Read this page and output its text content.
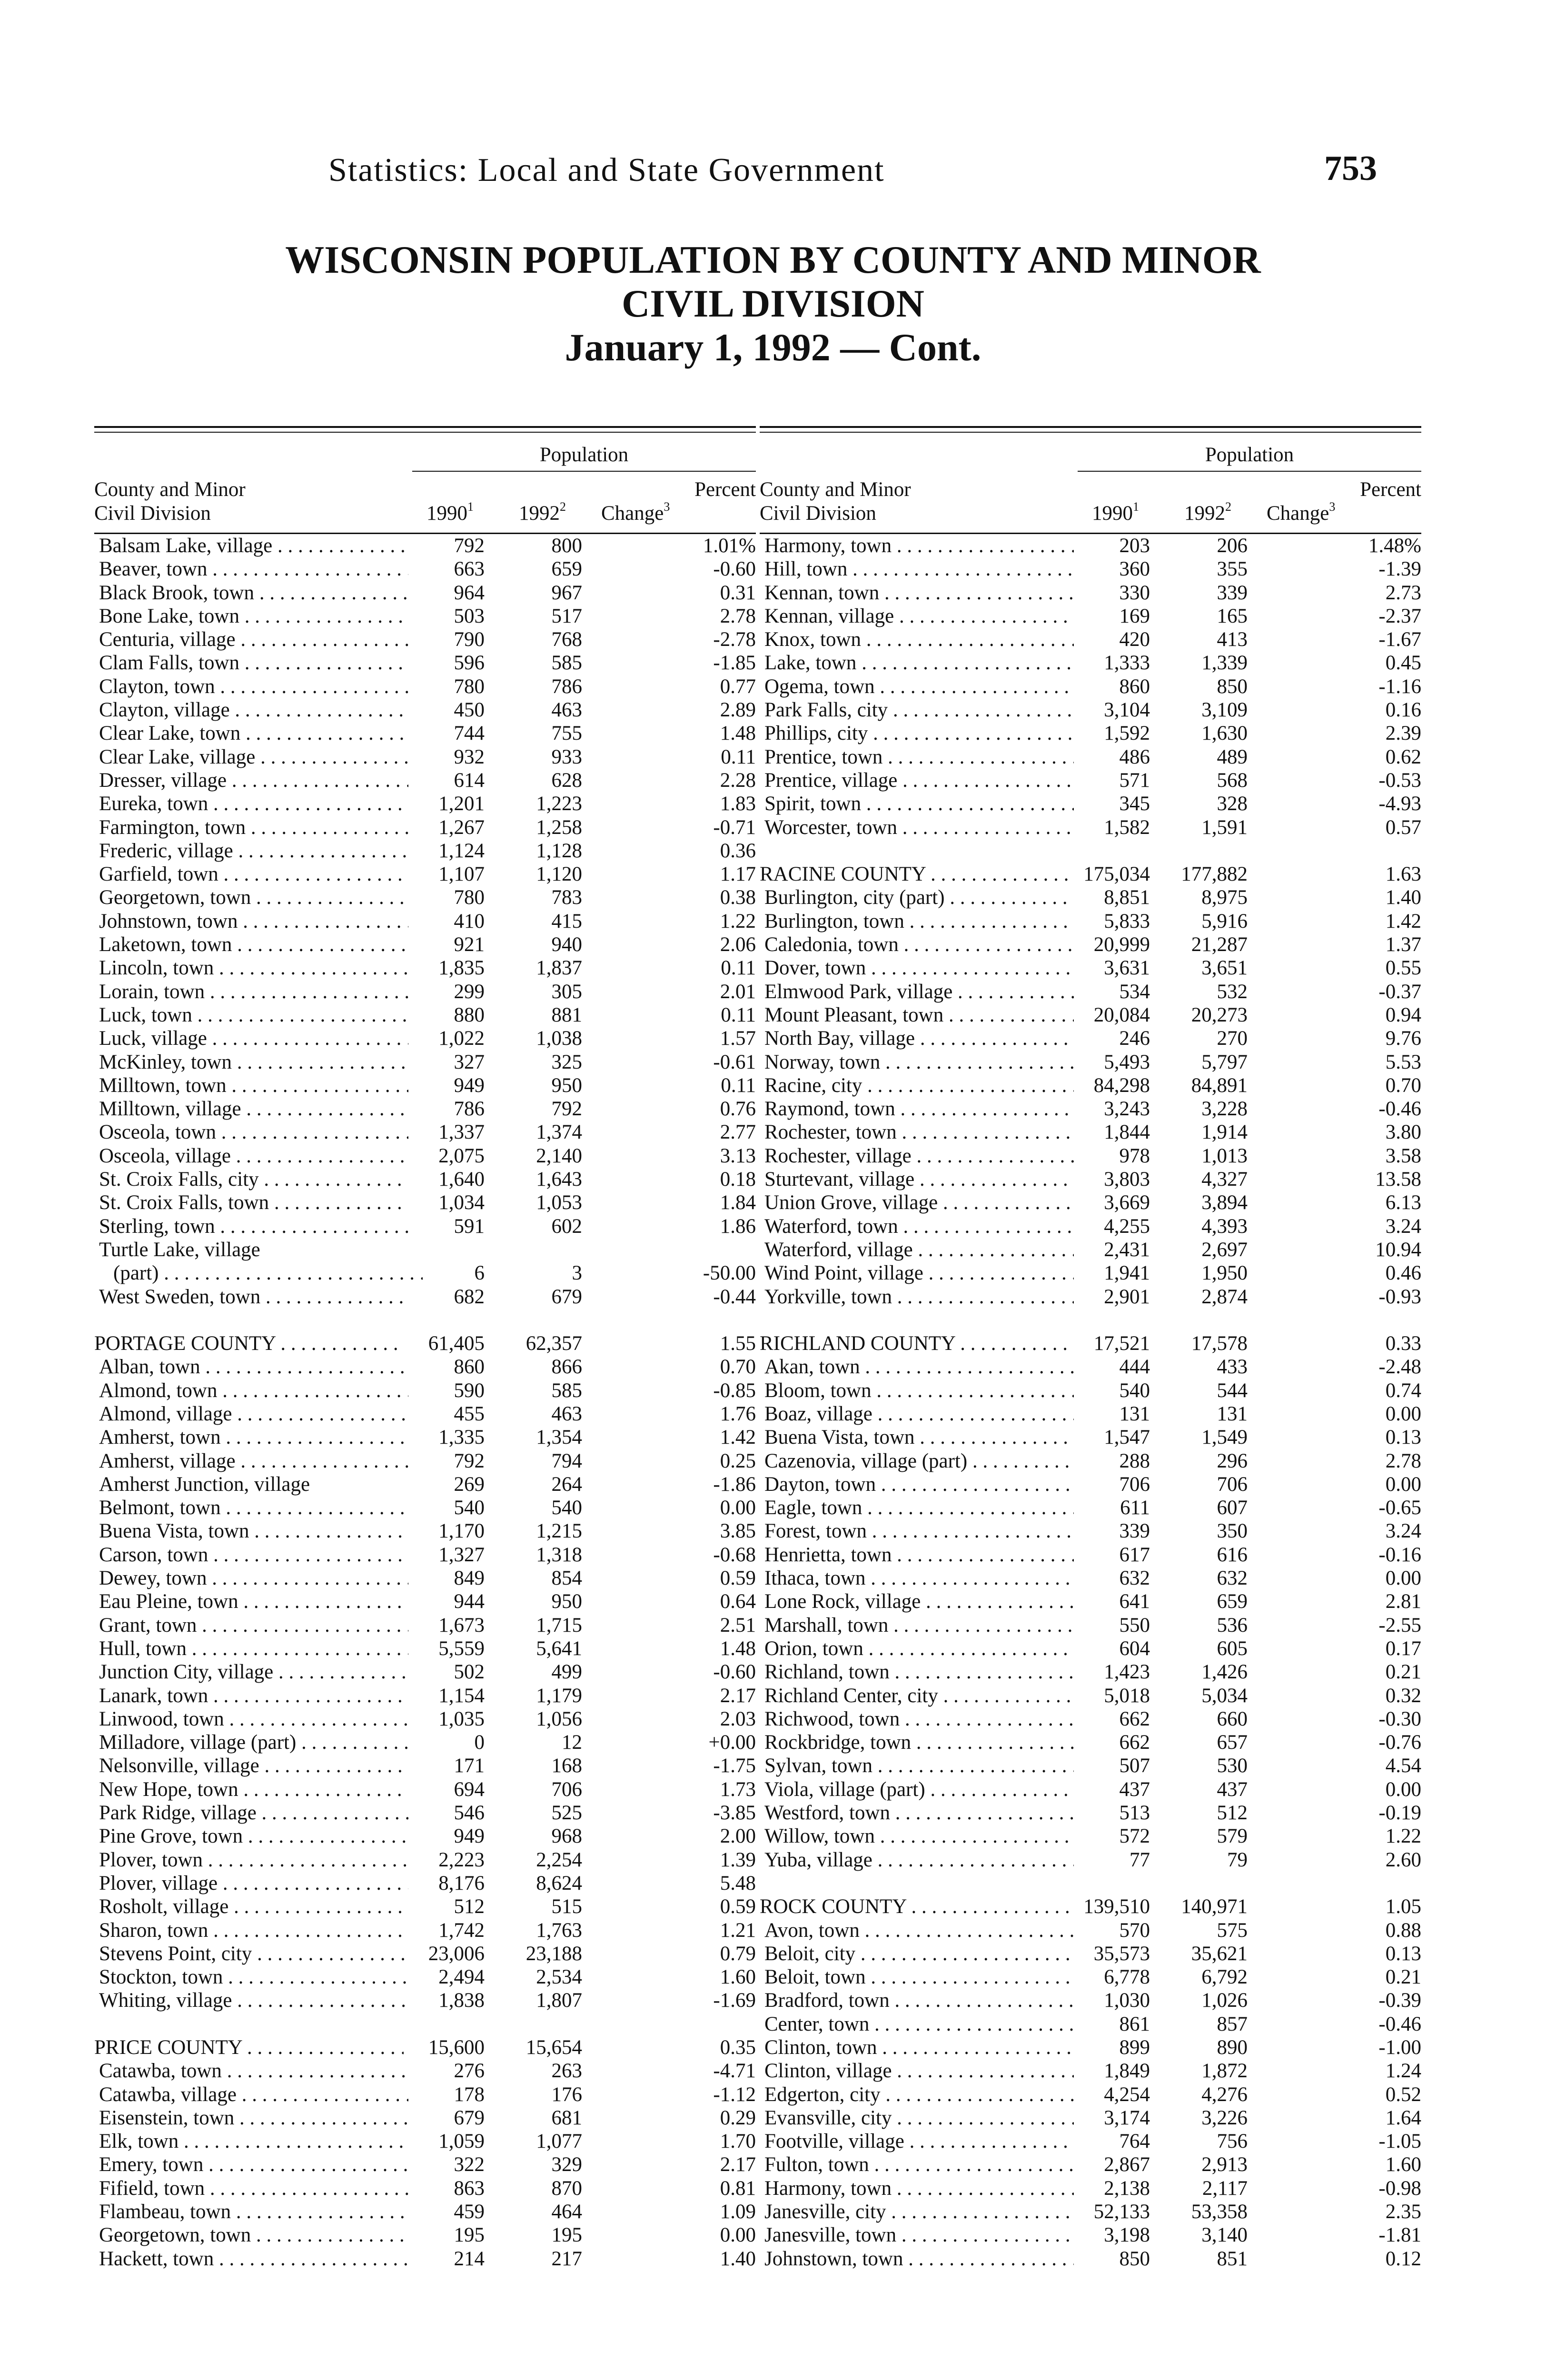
Statistics: Local and State Government	753
WISCONSIN POPULATION BY COUNTY AND MINOR
CIVIL DIVISION
January 1, 1992 — Cont.
Population
County and Minor
Civil Division
Percent
1990$^1$ 1992$^2$ Change$^3$
Balsam Lake, village . . .	792	800	1.01%
Beaver, town . . .	663	659	-0.60
Black Brook, town . . .	964	967	0.31
Bone Lake, town . . .	503	517	2.78
Centuria, village . . .	790	768	-2.78
Clam Falls, town . . .	596	585	-1.85
Clayton, town . . .	780	786	0.77
Clayton, village . . .	450	463	2.89
Clear Lake, town . . .	744	755	1.48
Clear Lake, village . . .	932	933	0.11
Dresser, village . . .	614	628	2.28
Eureka, town . . .	1,201	1,223	1.83
Farmington, town . . .	1,267	1,258	-0.71
Frederic, village . . .	1,124	1,128	0.36
Garfield, town . . .	1,107	1,120	1.17
Georgetown, town . . .	780	783	0.38
Johnstown, town . . .	410	415	1.22
Laketown, town . . .	921	940	2.06
Lincoln, town . . .	1,835	1,837	0.11
Lorain, town . . .	299	305	2.01
Luck, town . . .	880	881	0.11
Luck, village . . .	1,022	1,038	1.57
McKinley, town . . .	327	325	-0.61
Milltown, town . . .	949	950	0.11
Milltown, village . . .	786	792	0.76
Osceola, town . . .	1,337	1,374	2.77
Osceola, village . . .	2,075	2,140	3.13
St. Croix Falls, city . . .	1,640	1,643	0.18
St. Croix Falls, town . . .	1,034	1,053	1.84
Sterling, town . . .	591	602	1.86
Turtle Lake, village
(part) . . .	6	3	-50.00
West Sweden, town . . .	682	679	-0.44
PORTAGE COUNTY . . .	61,405 62,357	1.55
Alban, town . . .	860	866	0.70
Almond, town . . .	590	585	-0.85
Almond, village . . .	455	463	1.76
Amherst, town . . .	1,335	1,354	1.42
Amherst, village . . .	792	794	0.25
Amherst Junction, village	269	264	-1.86
Belmont, town . . .	540	540	0.00
Buena Vista, town . . .	1,170	1,215	3.85
Carson, town . . .	1,327	1,318	-0.68
Dewey, town . . .	849	854	0.59
Eau Pleine, town . . .	944	950	0.64
Grant, town . . .	1,673	1,715	2.51
Hull, town . . .	5,559	5,641	1.48
Junction City, village . . .	502	499	-0.60
Lanark, town . . .	1,154	1,179	2.17
Linwood, town . . .	1,035	1,056	2.03
Milladore, village (part) . . .	0	12	+0.00
Nelsonville, village . . .	171	168	-1.75
New Hope, town . . .	694	706	1.73
Park Ridge, village . . .	546	525	-3.85
Pine Grove, town . . .	949	968	2.00
Plover, town . . .	2,223	2,254	1.39
Plover, village . . .	8,176	8,624	5.48
Rosholt, village . . .	512	515	0.59
Sharon, town . . .	1,742	1,763	1.21
Stevens Point, city . . .	23,006 23,188	0.79
Stockton, town . . .	2,494	2,534	1.60
Whiting, village . . .	1,838	1,807	-1.69
PRICE COUNTY . . .	15,600 15,654	0.35
Catawba, town . . .	276	263	-4.71
Catawba, village . . .	178	176	-1.12
Eisenstein, town . . .	679	681	0.29
Elk, town . . .	1,059	1,077	1.70
Emery, town . . .	322	329	2.17
Fifield, town . . .	863	870	0.81
Flambeau, town . . .	459	464	1.09
Georgetown, town . . .	195	195	0.00
Hackett, town . . .	214	217	1.40
Population
County and Minor
Civil Division
Percent
1990$^1$ 1992$^2$ Change$^3$
Harmony, town . . .	203	206	1.48%
Hill, town . . .	360	355	-1.39
Kennan, town . . .	330	339	2.73
Kennan, village . . .	169	165	-2.37
Knox, town . . .	420	413	-1.67
Lake, town . . .	1,333	1,339	0.45
Ogema, town . . .	860	850	-1.16
Park Falls, city . . .	3,104	3,109	0.16
Phillips, city . . .	1,592	1,630	2.39
Prentice, town . . .	486	489	0.62
Prentice, village . . .	571	568	-0.53
Spirit, town . . .	345	328	-4.93
Worcester, town . . .	1,582	1,591	0.57
RACINE COUNTY . . .	175,034 177,882	1.63
Burlington, city (part) . . .	8,851	8,975	1.40
Burlington, town . . .	5,833	5,916	1.42
Caledonia, town . . .	20,999 21,287	1.37
Dover, town . . .	3,631	3,651	0.55
Elmwood Park, village . . .	534	532	-0.37
Mount Pleasant, town . . .	20,084 20,273	0.94
North Bay, village . . .	246	270	9.76
Norway, town . . .	5,493	5,797	5.53
Racine, city . . .	84,298 84,891	0.70
Raymond, town . . .	3,243	3,228	-0.46
Rochester, town . . .	1,844	1,914	3.80
Rochester, village . . .	978	1,013	3.58
Sturtevant, village . . .	3,803	4,327	13.58
Union Grove, village . . .	3,669	3,894	6.13
Waterford, town . . .	4,255	4,393	3.24
Waterford, village . . .	2,431	2,697	10.94
Wind Point, village . . .	1,941	1,950	0.46
Yorkville, town . . .	2,901	2,874	-0.93
RICHLAND COUNTY . . .	17,521 17,578	0.33
Akan, town . . .	444	433	-2.48
Bloom, town . . .	540	544	0.74
Boaz, village . . .	131	131	0.00
Buena Vista, town . . .	1,547	1,549	0.13
Cazenovia, village (part) . . .	288	296	2.78
Dayton, town . . .	706	706	0.00
Eagle, town . . .	611	607	-0.65
Forest, town . . .	339	350	3.24
Henrietta, town . . .	617	616	-0.16
Ithaca, town . . .	632	632	0.00
Lone Rock, village . . .	641	659	2.81
Marshall, town . . .	550	536	-2.55
Orion, town . . .	604	605	0.17
Richland, town . . .	1,423	1,426	0.21
Richland Center, city . . .	5,018	5,034	0.32
Richwood, town . . .	662	660	-0.30
Rockbridge, town . . .	662	657	-0.76
Sylvan, town . . .	507	530	4.54
Viola, village (part) . . .	437	437	0.00
Westford, town . . .	513	512	-0.19
Willow, town . . .	572	579	1.22
Yuba, village . . .	77	79	2.60
ROCK COUNTY . . .	139,510 140,971	1.05
Avon, town . . .	570	575	0.88
Beloit, city . . .	35,573 35,621	0.13
Beloit, town . . .	6,778	6,792	0.21
Bradford, town . . .	1,030	1,026	-0.39
Center, town . . .	861	857	-0.46
Clinton, town . . .	899	890	-1.00
Clinton, village . . .	1,849	1,872	1.24
Edgerton, city . . .	4,254	4,276	0.52
Evansville, city . . .	3,174	3,226	1.64
Footville, village . . .	764	756	-1.05
Fulton, town . . .	2,867	2,913	1.60
Harmony, town . . .	2,138	2,117	-0.98
Janesville, city . . .	52,133 53,358	2.35
Janesville, town . . .	3,198	3,140	-1.81
Johnstown, town . . .	850	851	0.12
